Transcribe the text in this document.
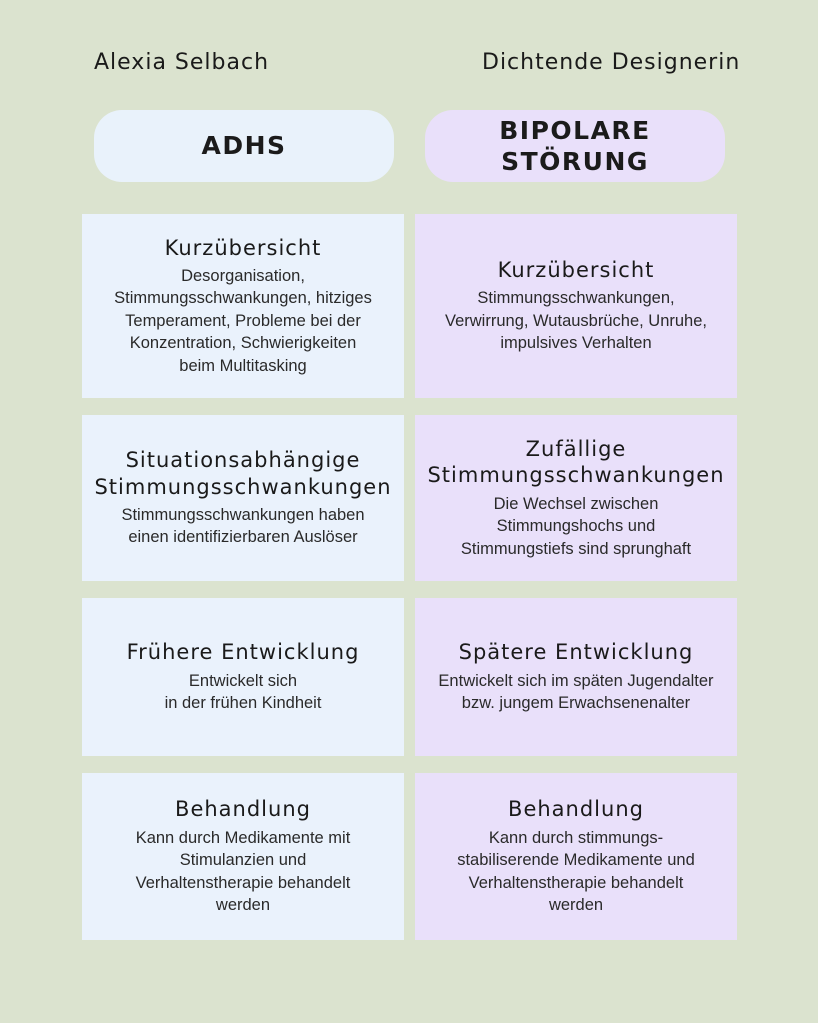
Alexia Selbach	Dichtende Designerin
ADHS
BIPOLARE
STÖRUNG
Kurzübersicht
Desorganisation,
Stimmungsschwankungen, hitziges
Temperament, Probleme bei der
Konzentration, Schwierigkeiten
beim Multitasking
Kurzübersicht
Stimmungsschwankungen,
Verwirrung, Wutausbrüche, Unruhe,
impulsives Verhalten
Situationsabhängige
Stimmungsschwankungen
Stimmungsschwankungen haben
einen identifizierbaren Auslöser
Zufällige
Stimmungsschwankungen
Die Wechsel zwischen
Stimmungshochs und
Stimmungstiefs sind sprunghaft
Frühere Entwicklung
Entwickelt sich
in der frühen Kindheit
Spätere Entwicklung
Entwickelt sich im späten Jugendalter
bzw. jungem Erwachsenenalter
Behandlung
Kann durch Medikamente mit
Stimulanzien und
Verhaltenstherapie behandelt
werden
Behandlung
Kann durch stimmungs-
stabiliserende Medikamente und
Verhaltenstherapie behandelt
werden
